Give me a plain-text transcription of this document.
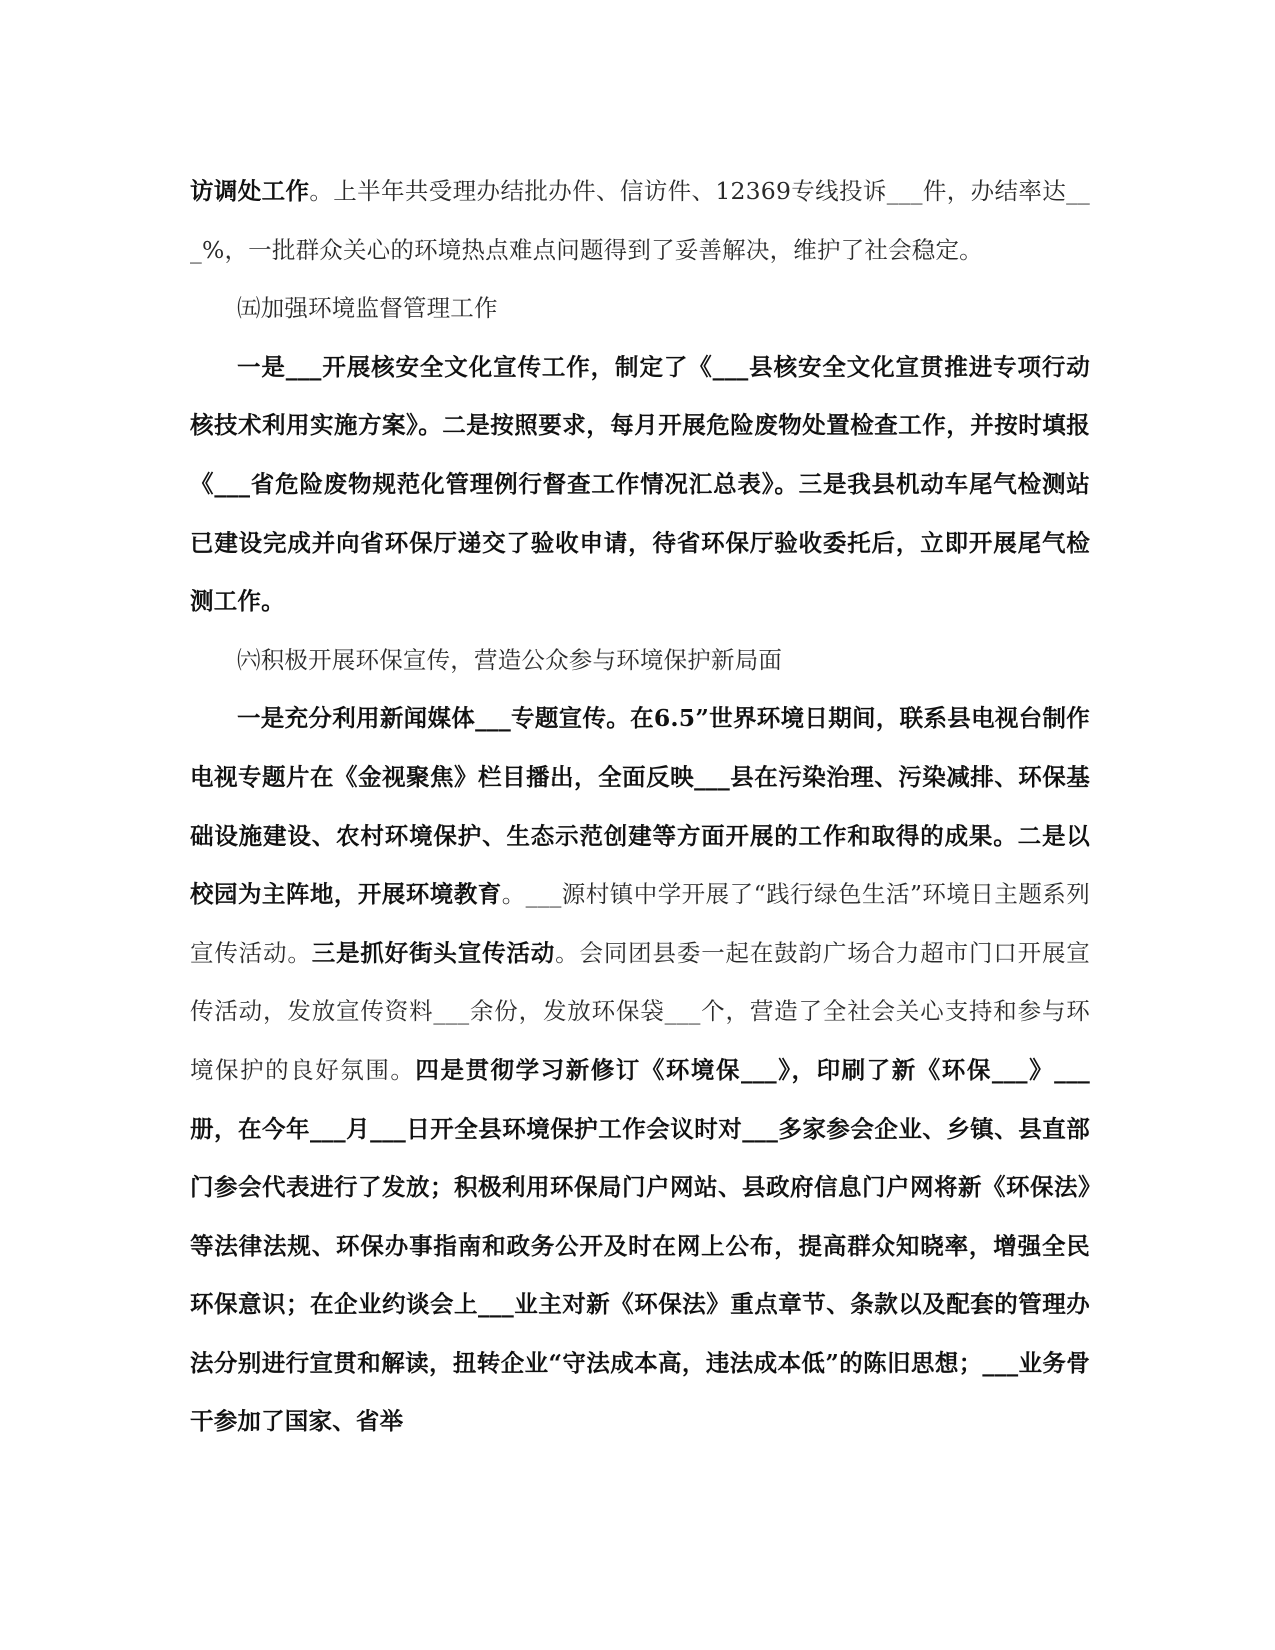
访调处工作。上半年共受理办结批办件、信访件、12369专线投诉___件，办结率达___%，一批群众关心的环境热点难点问题得到了妥善解决，维护了社会稳定。

㈤加强环境监督管理工作

一是___开展核安全文化宣传工作，制定了《___县核安全文化宣贯推进专项行动核技术利用实施方案》。二是按照要求，每月开展危险废物处置检查工作，并按时填报《___省危险废物规范化管理例行督查工作情况汇总表》。三是我县机动车尾气检测站已建设完成并向省环保厅递交了验收申请，待省环保厅验收委托后，立即开展尾气检测工作。

㈥积极开展环保宣传，营造公众参与环境保护新局面

一是充分利用新闻媒体___专题宣传。在6.5”世界环境日期间，联系县电视台制作电视专题片在《金视聚焦》栏目播出，全面反映___县在污染治理、污染减排、环保基础设施建设、农村环境保护、生态示范创建等方面开展的工作和取得的成果。二是以校园为主阵地，开展环境教育。___源村镇中学开展了“践行绿色生活”环境日主题系列宣传活动。三是抓好街头宣传活动。会同团县委一起在鼓韵广场合力超市门口开展宣传活动，发放宣传资料___余份，发放环保袋___个，营造了全社会关心支持和参与环境保护的良好氛围。四是贯彻学习新修订《环境保___》，印刷了新《环保___》___册，在今年___月___日开全县环境保护工作会议时对___多家参会企业、乡镇、县直部门参会代表进行了发放；积极利用环保局门户网站、县政府信息门户网将新《环保法》等法律法规、环保办事指南和政务公开及时在网上公布，提高群众知晓率，增强全民环保意识；在企业约谈会上___业主对新《环保法》重点章节、条款以及配套的管理办法分别进行宣贯和解读，扭转企业“守法成本高，违法成本低”的陈旧思想；___业务骨干参加了国家、省举
